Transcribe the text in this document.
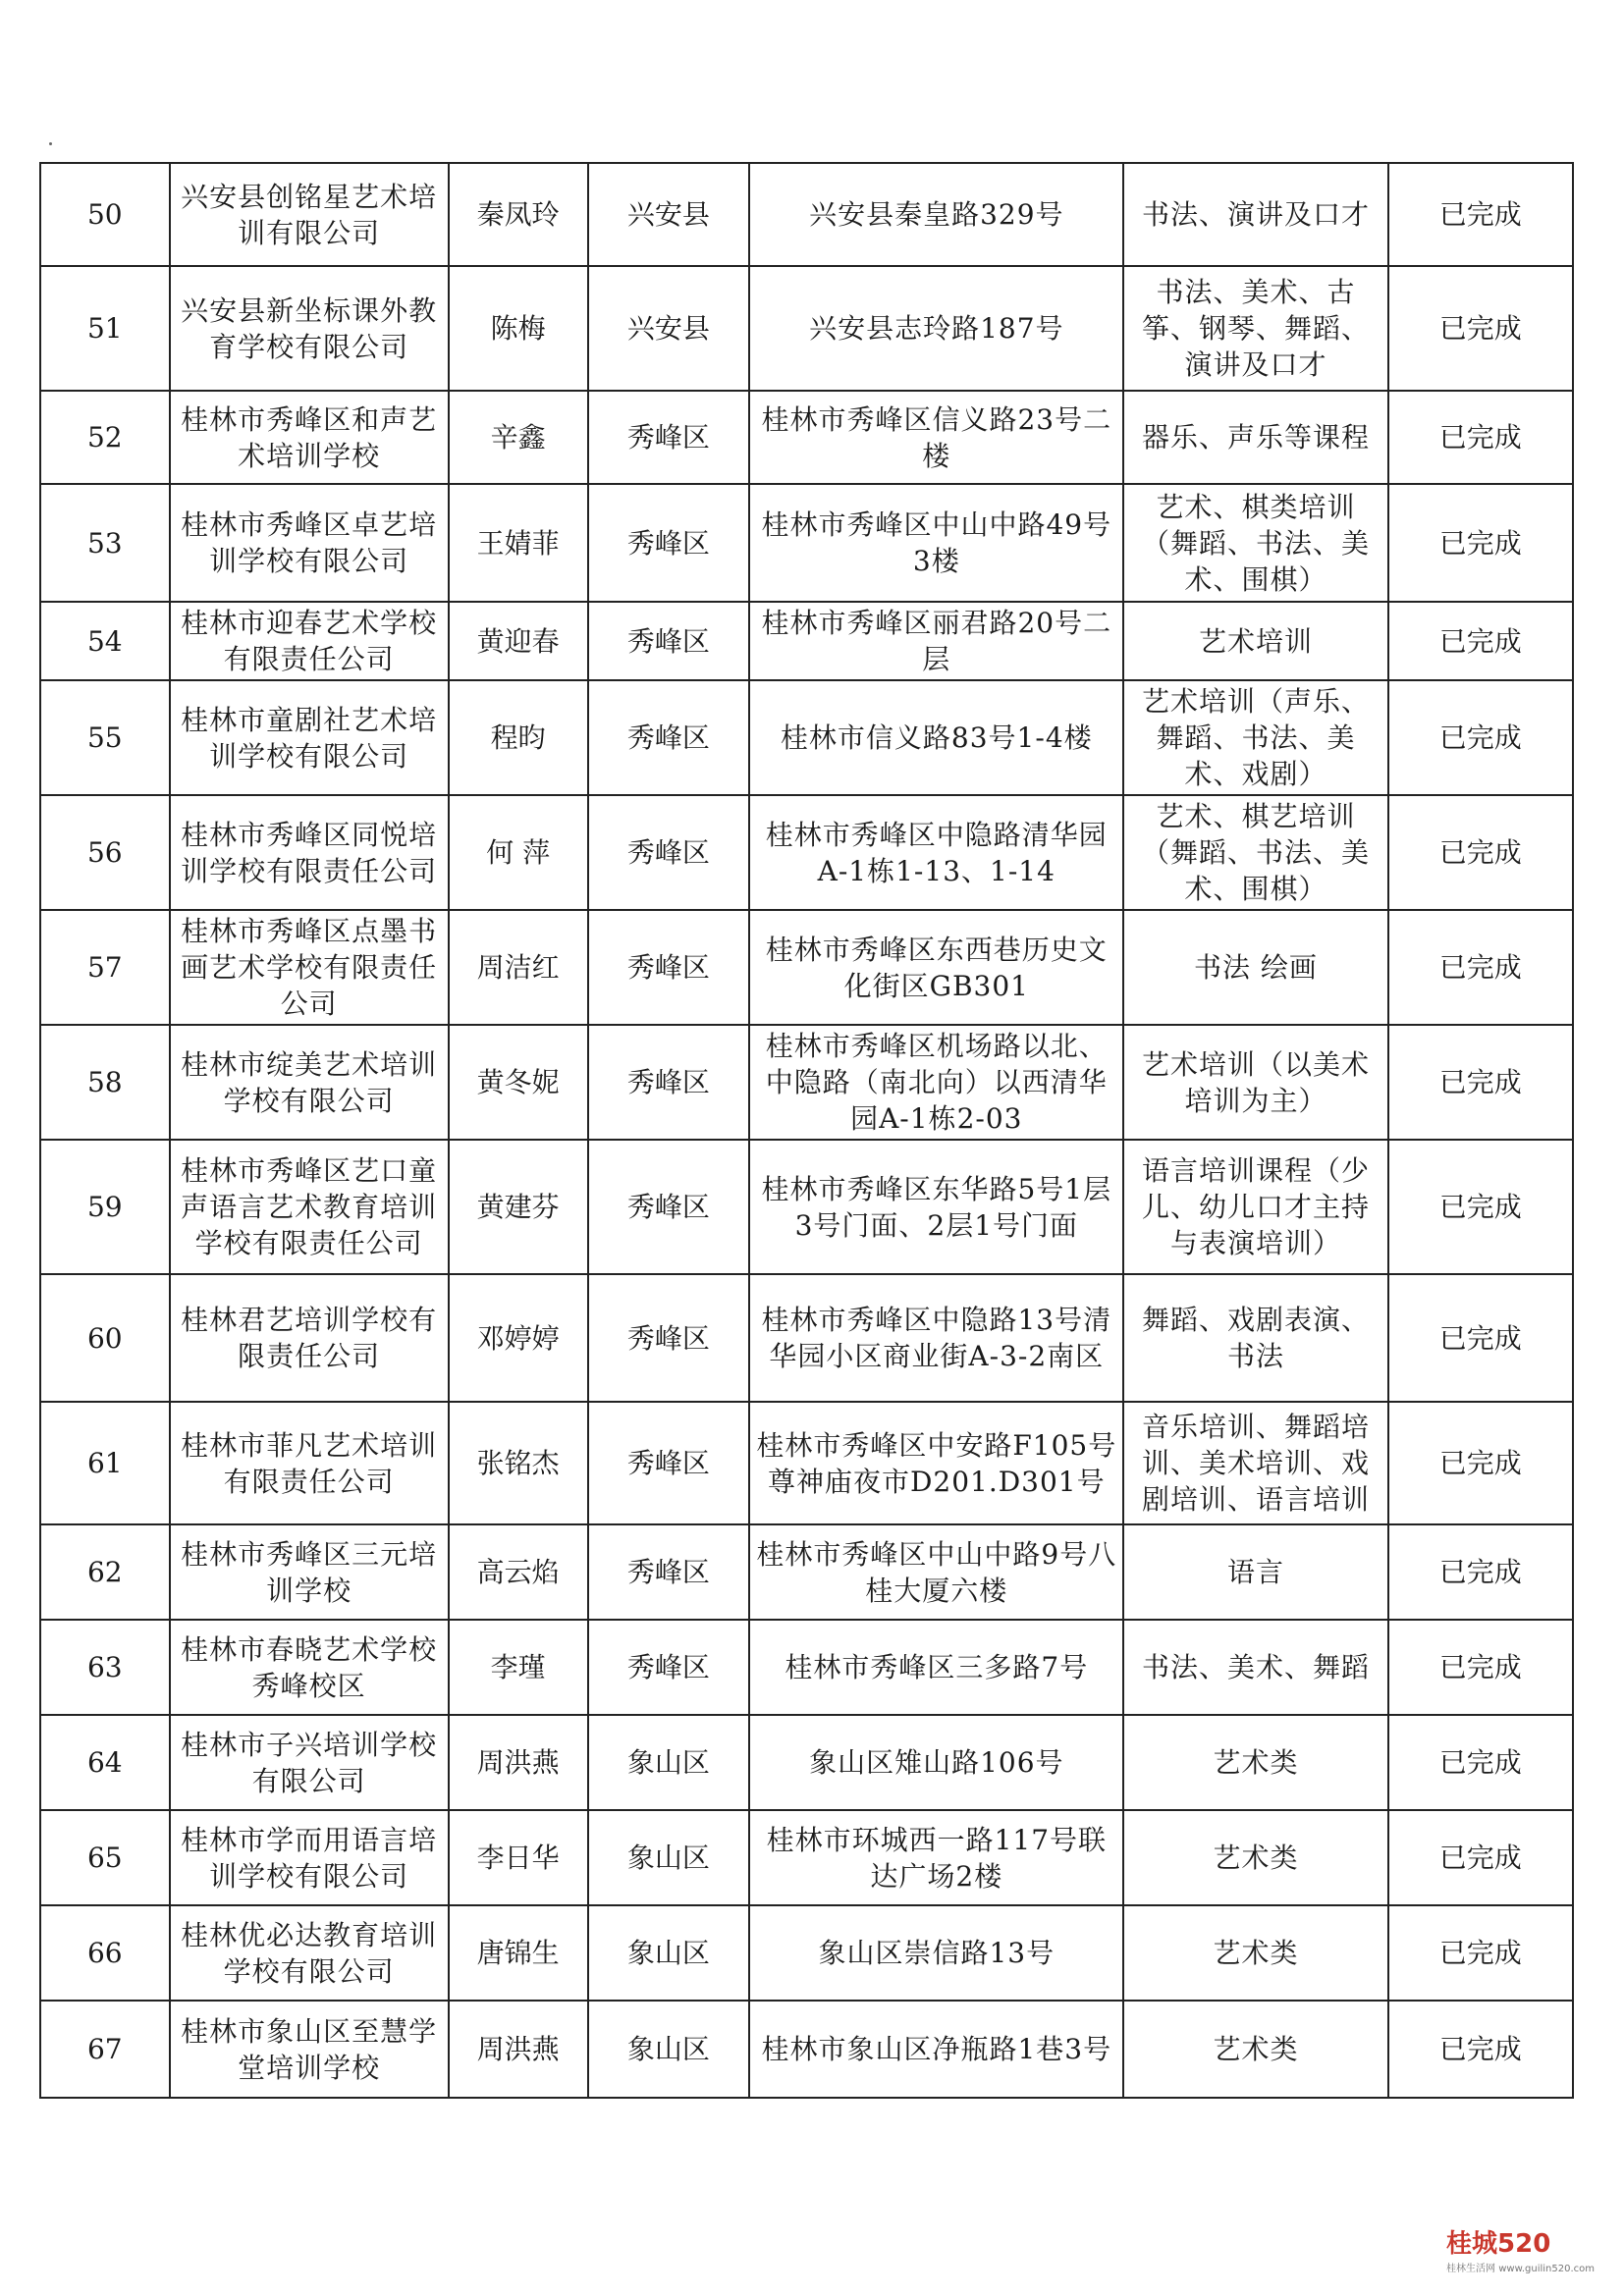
50	兴安县创铭星艺术培训有限公司	秦凤玲	兴安县	兴安县秦皇路329号	书法、演讲及口才	已完成
51	兴安县新坐标课外教育学校有限公司	陈梅	兴安县	兴安县志玲路187号	书法、美术、古筝、钢琴、舞蹈、演讲及口才	已完成
52	桂林市秀峰区和声艺术培训学校	辛鑫	秀峰区	桂林市秀峰区信义路23号二楼	器乐、声乐等课程	已完成
53	桂林市秀峰区卓艺培训学校有限公司	王婧菲	秀峰区	桂林市秀峰区中山中路49号3楼	艺术、棋类培训（舞蹈、书法、美术、围棋）	已完成
54	桂林市迎春艺术学校有限责任公司	黄迎春	秀峰区	桂林市秀峰区丽君路20号二层	艺术培训	已完成
55	桂林市童剧社艺术培训学校有限公司	程昀	秀峰区	桂林市信义路83号1-4楼	艺术培训（声乐、舞蹈、书法、美术、戏剧）	已完成
56	桂林市秀峰区同悦培训学校有限责任公司	何 萍	秀峰区	桂林市秀峰区中隐路清华园A-1栋1-13、1-14	艺术、棋艺培训（舞蹈、书法、美术、围棋）	已完成
57	桂林市秀峰区点墨书画艺术学校有限责任公司	周洁红	秀峰区	桂林市秀峰区东西巷历史文化街区GB301	书法 绘画	已完成
58	桂林市绽美艺术培训学校有限公司	黄冬妮	秀峰区	桂林市秀峰区机场路以北、中隐路（南北向）以西清华园A-1栋2-03	艺术培训（以美术培训为主）	已完成
59	桂林市秀峰区艺口童声语言艺术教育培训学校有限责任公司	黄建芬	秀峰区	桂林市秀峰区东华路5号1层3号门面、2层1号门面	语言培训课程（少儿、幼儿口才主持与表演培训）	已完成
60	桂林君艺培训学校有限责任公司	邓婷婷	秀峰区	桂林市秀峰区中隐路13号清华园小区商业街A-3-2南区	舞蹈、戏剧表演、书法	已完成
61	桂林市菲凡艺术培训有限责任公司	张铭杰	秀峰区	桂林市秀峰区中安路F105号尊神庙夜市D201.D301号	音乐培训、舞蹈培训、美术培训、戏剧培训、语言培训	已完成
62	桂林市秀峰区三元培训学校	高云焰	秀峰区	桂林市秀峰区中山中路9号八桂大厦六楼	语言	已完成
63	桂林市春晓艺术学校秀峰校区	李瑾	秀峰区	桂林市秀峰区三多路7号	书法、美术、舞蹈	已完成
64	桂林市子兴培训学校有限公司	周洪燕	象山区	象山区雉山路106号	艺术类	已完成
65	桂林市学而用语言培训学校有限公司	李日华	象山区	桂林市环城西一路117号联达广场2楼	艺术类	已完成
66	桂林优必达教育培训学校有限公司	唐锦生	象山区	象山区崇信路13号	艺术类	已完成
67	桂林市象山区至慧学堂培训学校	周洪燕	象山区	桂林市象山区净瓶路1巷3号	艺术类	已完成
桂城520
桂林生活网 www.guilin520.com
